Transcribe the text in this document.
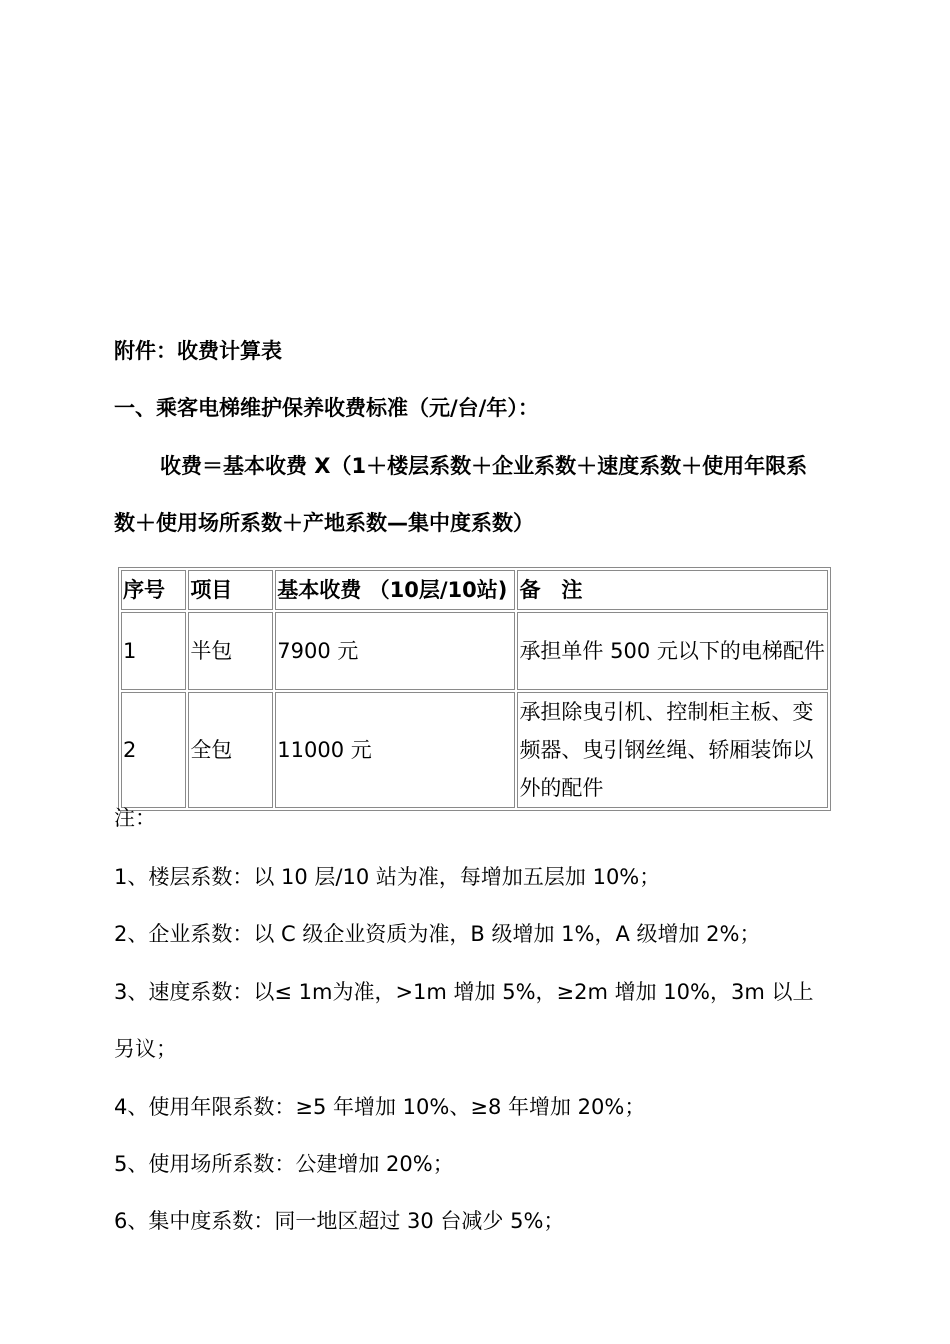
附件：收费计算表
一、乘客电梯维护保养收费标准（元/台/年）：
收费＝基本收费 X（1＋楼层系数＋企业系数＋速度系数＋使用年限系
数＋使用场所系数＋产地系数—集中度系数）
序号	项目	基本收费 （10层/10站)	备　注
1	半包	7900 元	承担单件 500 元以下的电梯配件
2	全包	11000 元	承担除曳引机、控制柜主板、变频器、曳引钢丝绳、轿厢装饰以外的配件
注：
1、楼层系数：以 10 层/10 站为准，每增加五层加 10%；
2、企业系数：以 C 级企业资质为准，B 级增加 1%，A 级增加 2%；
3、速度系数：以≤ 1m为准，>1m 增加 5%，≥2m 增加 10%，3m 以上
另议；
4、使用年限系数：≥5 年增加 10%、≥8 年增加 20%；
5、使用场所系数：公建增加 20%；
6、集中度系数：同一地区超过 30 台减少 5%；
